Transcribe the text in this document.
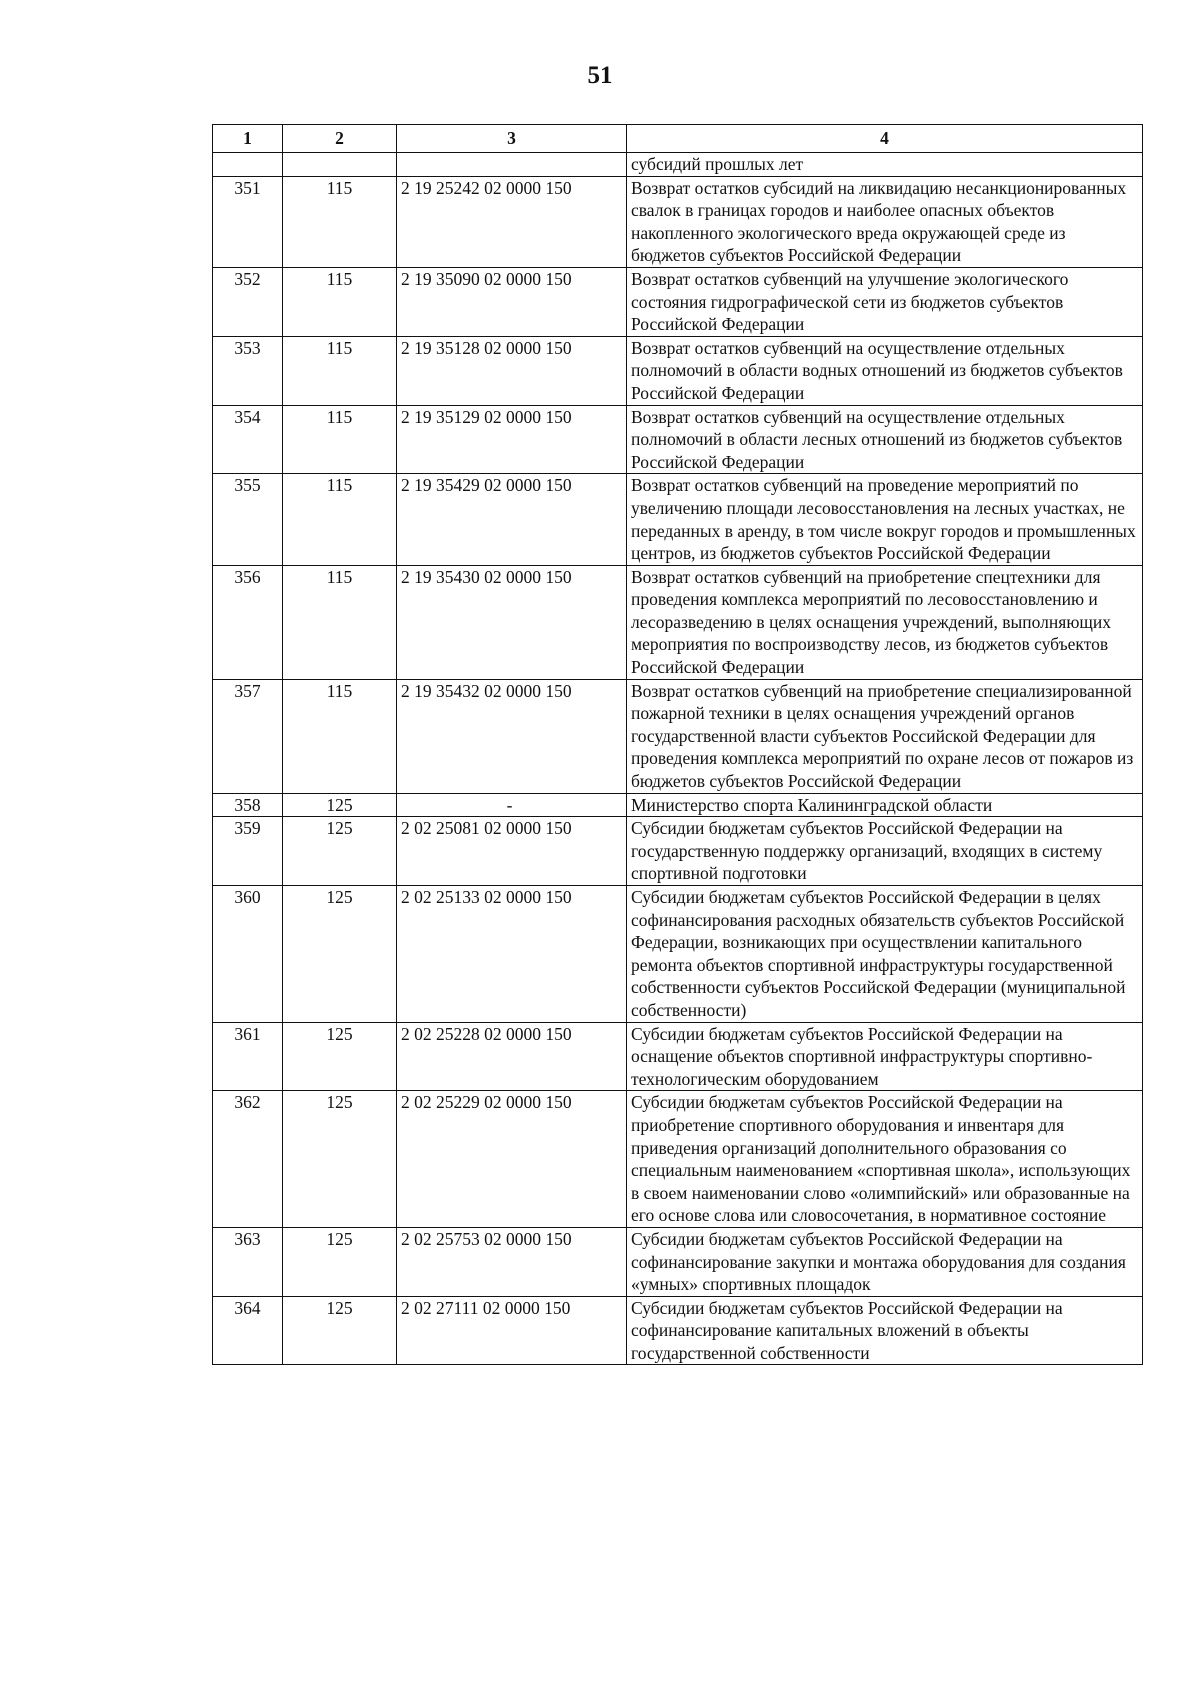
51
1	2	3	4
			субсидий прошлых лет
351	115	2 19 25242 02 0000 150	Возврат остатков субсидий на ликвидацию несанкционированных свалок в границах городов и наиболее опасных объектов накопленного экологического вреда окружающей среде из бюджетов субъектов Российской Федерации
352	115	2 19 35090 02 0000 150	Возврат остатков субвенций на улучшение экологического состояния гидрографической сети из бюджетов субъектов Российской Федерации
353	115	2 19 35128 02 0000 150	Возврат остатков субвенций на осуществление отдельных полномочий в области водных отношений из бюджетов субъектов Российской Федерации
354	115	2 19 35129 02 0000 150	Возврат остатков субвенций на осуществление отдельных полномочий в области лесных отношений из бюджетов субъектов Российской Федерации
355	115	2 19 35429 02 0000 150	Возврат остатков субвенций на проведение мероприятий по увеличению площади лесовосстановления на лесных участках, не переданных в аренду, в том числе вокруг городов и промышленных центров, из бюджетов субъектов Российской Федерации
356	115	2 19 35430 02 0000 150	Возврат остатков субвенций на приобретение спецтехники для проведения комплекса мероприятий по лесовосстановлению и лесоразведению в целях оснащения учреждений, выполняющих мероприятия по воспроизводству лесов, из бюджетов субъектов Российской Федерации
357	115	2 19 35432 02 0000 150	Возврат остатков субвенций на приобретение специализированной пожарной техники в целях оснащения учреждений органов государственной власти субъектов Российской Федерации для проведения комплекса мероприятий по охране лесов от пожаров из бюджетов субъектов Российской Федерации
358	125	-	Министерство спорта Калининградской области
359	125	2 02 25081 02 0000 150	Субсидии бюджетам субъектов Российской Федерации на государственную поддержку организаций, входящих в систему спортивной подготовки
360	125	2 02 25133 02 0000 150	Субсидии бюджетам субъектов Российской Федерации в целях софинансирования расходных обязательств субъектов Российской Федерации, возникающих при осуществлении капитального ремонта объектов спортивной инфраструктуры государственной собственности субъектов Российской Федерации (муниципальной собственности)
361	125	2 02 25228 02 0000 150	Субсидии бюджетам субъектов Российской Федерации на оснащение объектов спортивной инфраструктуры спортивно-технологическим оборудованием
362	125	2 02 25229 02 0000 150	Субсидии бюджетам субъектов Российской Федерации на приобретение спортивного оборудования и инвентаря для приведения организаций дополнительного образования со специальным наименованием «спортивная школа», использующих в своем наименовании слово «олимпийский» или образованные на его основе слова или словосочетания, в нормативное состояние
363	125	2 02 25753 02 0000 150	Субсидии бюджетам субъектов Российской Федерации на софинансирование закупки и монтажа оборудования для создания «умных» спортивных площадок
364	125	2 02 27111 02 0000 150	Субсидии бюджетам субъектов Российской Федерации на софинансирование капитальных вложений в объекты государственной собственности
